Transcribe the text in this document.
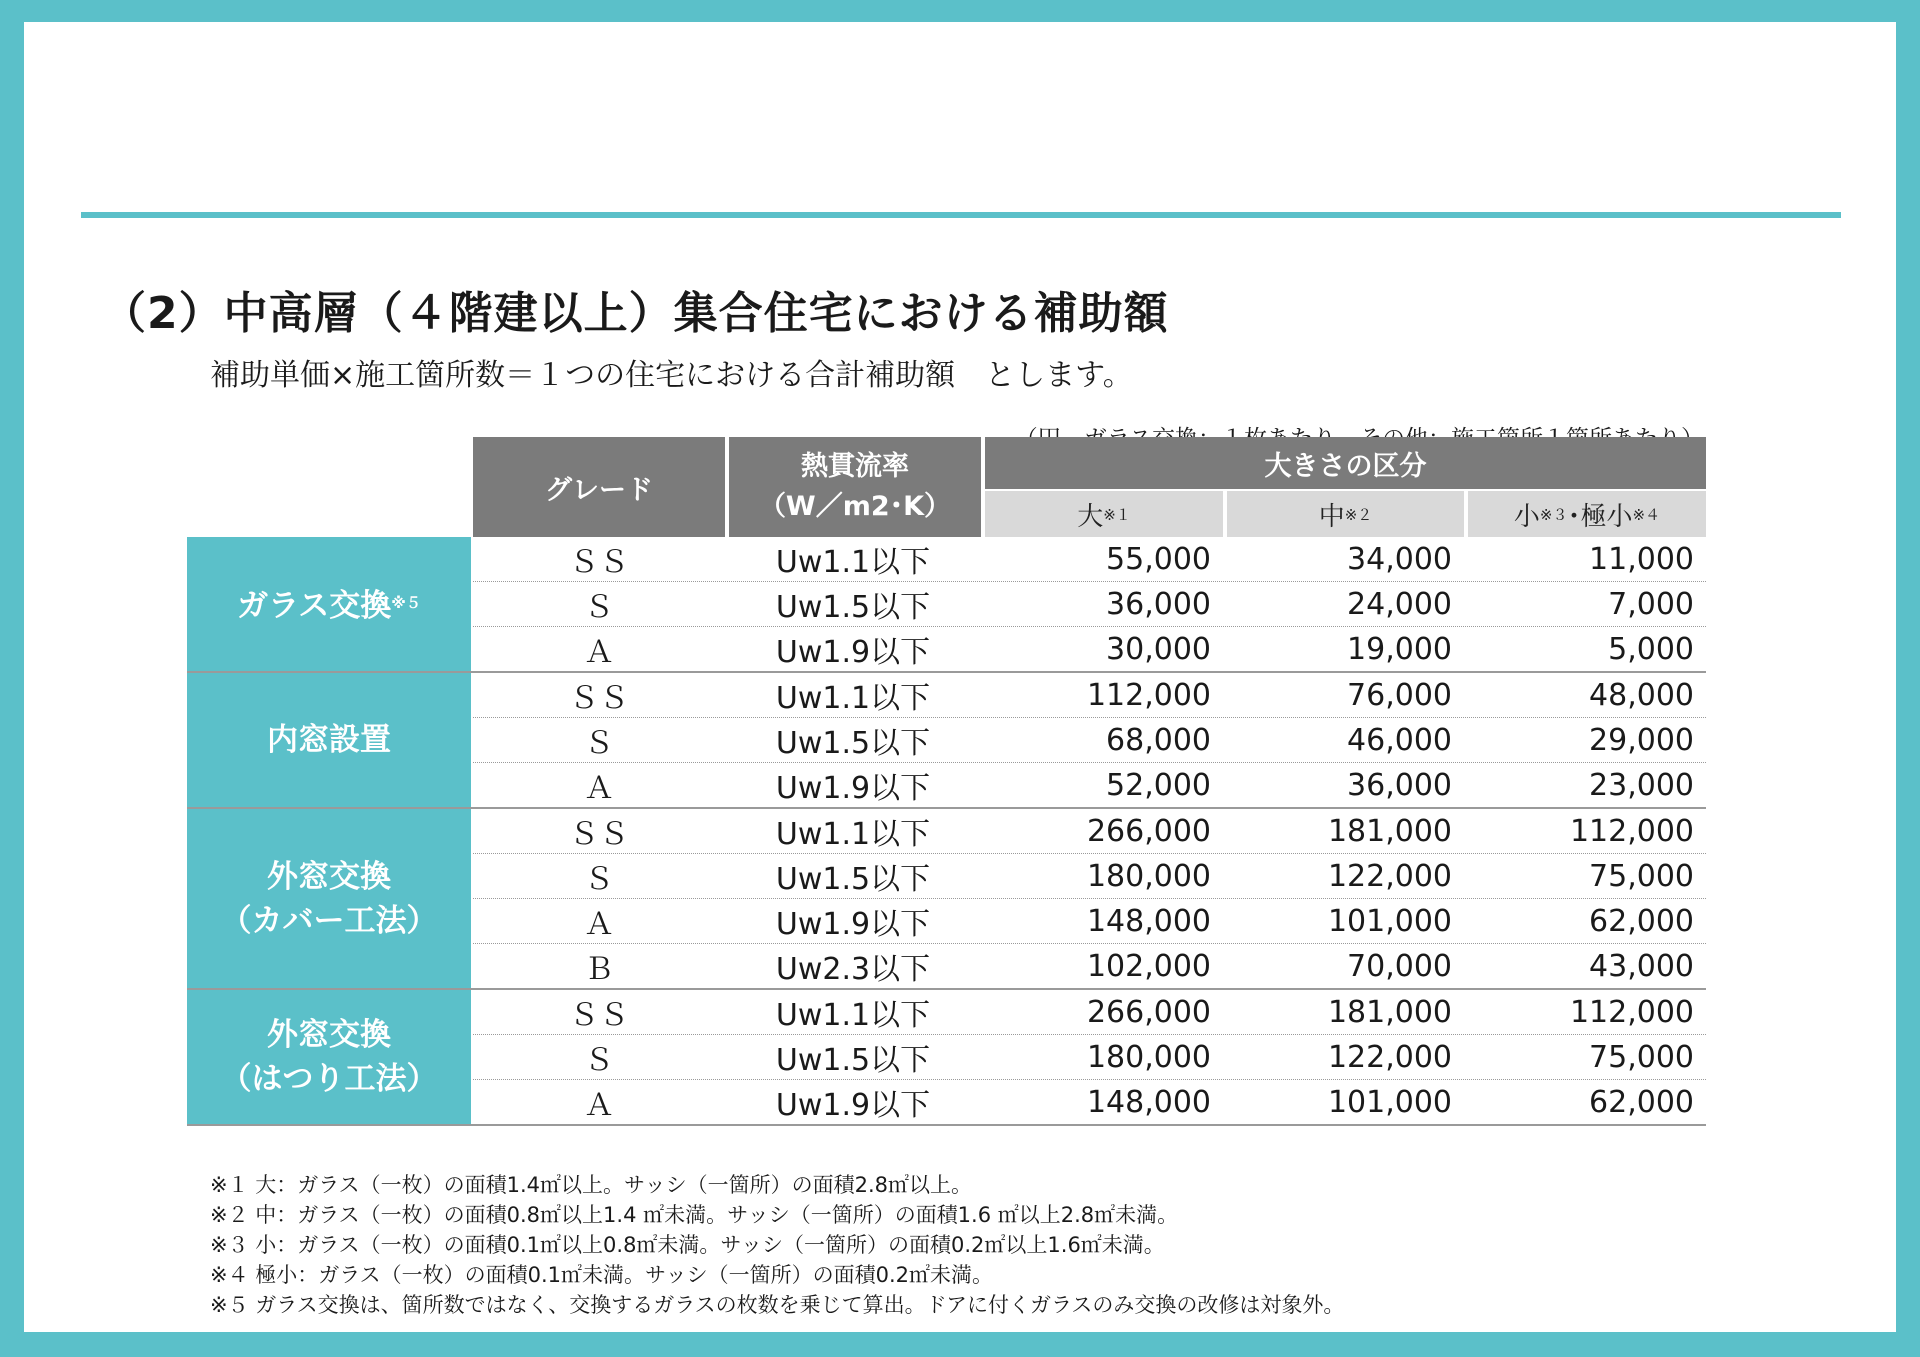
（2）中高層（４階建以上）集合住宅における補助額
補助単価×施工箇所数＝１つの住宅における合計補助額　とします。
グレード
熱貫流率
（W／m2･K）
大きさの区分
大 ※１	中 ※２	小 ※３ ･極小 ※４
ガラス交換$^{※5}$
ＳＳ	Uw1.1以下	55,000	34,000	11,000
Ｓ	Uw1.5以下	36,000	24,000	7,000
Ａ	Uw1.9以下	30,000	19,000	5,000
内窓設置
ＳＳ	Uw1.1以下	112,000	76,000	48,000
Ｓ	Uw1.5以下	68,000	46,000	29,000
Ａ	Uw1.9以下	52,000	36,000	23,000
外窓交換
（カバー工法）
ＳＳ	Uw1.1以下	266,000	181,000	112,000
Ｓ	Uw1.5以下	180,000	122,000	75,000
Ａ	Uw1.9以下	148,000	101,000	62,000
Ｂ	Uw2.3以下	102,000	70,000	43,000
外窓交換
（はつり工法）
ＳＳ	Uw1.1以下	266,000	181,000	112,000
Ｓ	Uw1.5以下	180,000	122,000	75,000
Ａ	Uw1.9以下	148,000	101,000	62,000
※１ 大：ガラス（一枚）の面積1.4㎡以上。サッシ（一箇所）の面積2.8㎡以上。
※２ 中：ガラス（一枚）の面積0.8㎡以上1.4 ㎡未満。サッシ（一箇所）の面積1.6 ㎡以上2.8㎡未満。
※３ 小：ガラス（一枚）の面積0.1㎡以上0.8㎡未満。サッシ（一箇所）の面積0.2㎡以上1.6㎡未満。
※４ 極小：ガラス（一枚）の面積0.1㎡未満。サッシ（一箇所）の面積0.2㎡未満。
※５ ガラス交換は、箇所数ではなく、交換するガラスの枚数を乗じて算出。ドアに付くガラスのみ交換の改修は対象外。
